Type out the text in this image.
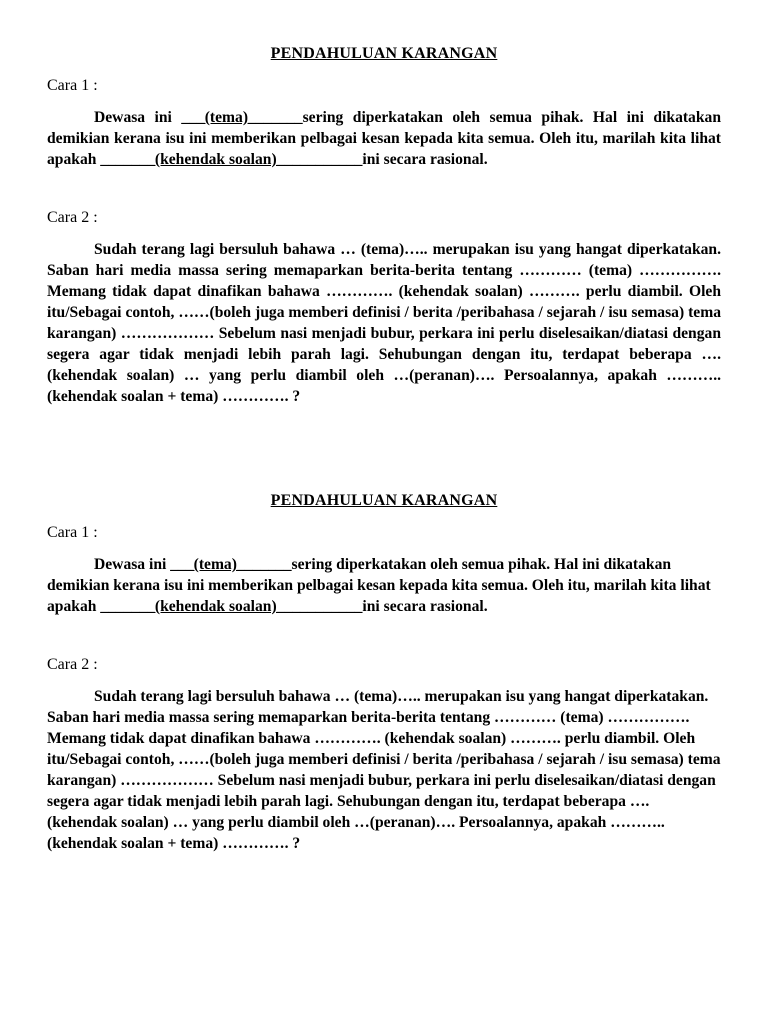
PENDAHULUAN KARANGAN

Cara 1 :

Dewasa ini ___(tema)_______sering diperkatakan oleh semua pihak. Hal ini dikatakan demikian kerana isu ini memberikan pelbagai kesan kepada kita semua. Oleh itu, marilah kita lihat apakah _______(kehendak soalan)___________ini secara rasional.

Cara 2 :

Sudah terang lagi bersuluh bahawa … (tema)….. merupakan isu yang hangat diperkatakan. Saban hari media massa sering memaparkan berita-berita tentang ………… (tema) ……………. Memang tidak dapat dinafikan bahawa …………. (kehendak soalan) ………. perlu diambil. Oleh itu/Sebagai contoh, ……(boleh juga memberi definisi / berita /peribahasa / sejarah / isu semasa) tema karangan) ……………… Sebelum nasi menjadi bubur, perkara ini perlu diselesaikan/diatasi dengan segera agar tidak menjadi lebih parah lagi. Sehubungan dengan itu, terdapat beberapa …. (kehendak soalan) … yang perlu diambil oleh …(peranan)…. Persoalannya, apakah ……….. (kehendak soalan + tema) …………. ?

PENDAHULUAN KARANGAN

Cara 1 :

Dewasa ini ___(tema)_______sering diperkatakan oleh semua pihak. Hal ini dikatakan demikian kerana isu ini memberikan pelbagai kesan kepada kita semua. Oleh itu, marilah kita lihat apakah _______(kehendak soalan)___________ini secara rasional.

Cara 2 :

Sudah terang lagi bersuluh bahawa … (tema)….. merupakan isu yang hangat diperkatakan. Saban hari media massa sering memaparkan berita-berita tentang ………… (tema) ……………. Memang tidak dapat dinafikan bahawa …………. (kehendak soalan) ………. perlu diambil. Oleh itu/Sebagai contoh, ……(boleh juga memberi definisi / berita /peribahasa / sejarah / isu semasa) tema karangan) ……………… Sebelum nasi menjadi bubur, perkara ini perlu diselesaikan/diatasi dengan segera agar tidak menjadi lebih parah lagi. Sehubungan dengan itu, terdapat beberapa …. (kehendak soalan) … yang perlu diambil oleh …(peranan)…. Persoalannya, apakah ……….. (kehendak soalan + tema) …………. ?
